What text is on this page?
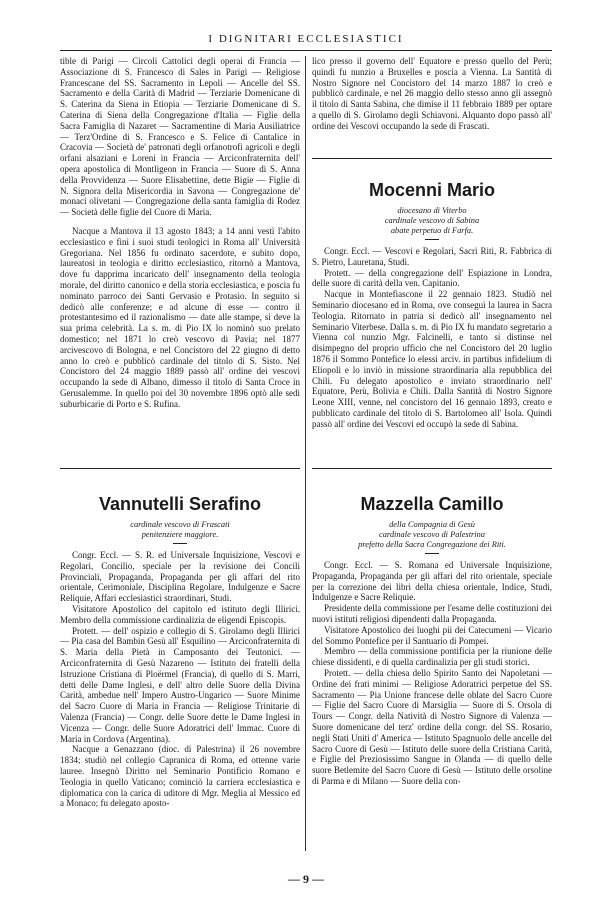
I DIGNITARI ECCLESIASTICI

tible di Parigi — Circoli Cattolici degli operai di Francia — Associazione di S. Francesco di Sales in Parigi — Religiose Francescane del SS. Sacramento in Lepoli — Ancelle del SS. Sacramento e della Carità di Madrid — Terziarie Domenicane di S. Caterina da Siena in Etiopia — Terziarie Domenicane di S. Caterina di Siena della Congregazione d'Italia — Figlie della Sacra Famiglia di Nazaret — Sacramentine di Maria Ausiliatrice — Terz'Ordine di S. Francesco e S. Felice di Cantalice in Cracovia — Società de' patronati degli orfanotrofi agricoli e degli orfani alsaziani e Loreni in Francia — Arciconfraternita dell' opera apostolica di Montligeon in Francia — Suore di S. Anna della Provvidenza — Suore Elisabettine, dette Bigie — Figlie di N. Signora della Misericordia in Savona — Congregazione de' monaci olivetani — Congregazione della santa famiglia di Rodez — Società delle figlie del Cuore di Maria.

Nacque a Mantova il 13 agosto 1843; a 14 anni vestì l'abito ecclesiastico e finì i suoi studi teologici in Roma all' Università Gregoriana. Nel 1856 fu ordinato sacerdote, e subito dopo, laureatosi in teologia e diritto ecclesiastico, ritornò a Mantova, dove fu dapprima incaricato dell' insegnamento della teologia morale, del diritto canonico e della storia ecclesiastica, e poscia fu nominato parroco dei Santi Gervasio e Protasio. In seguito si dedicò alle conferenze; e ad alcune di esse — contro il protestantesimo ed il razionalismo — date alle stampe, si deve la sua prima celebrità. La s. m. di Pio IX lo nominò suo prelato domestico; nel 1871 lo creò vescovo di Pavia; nel 1877 arcivescovo di Bologna, e nel Concistoro del 22 giugno di detto anno lo creò e pubblicò cardinale del titolo di S. Sisto. Nel Concistoro del 24 maggio 1889 passò all' ordine dei vescovi occupando la sede di Albano, dimesso il titolo di Santa Croce in Gerusalemme. In quello poi del 30 novembre 1896 optò alle sedi suburbicarie di Porto e S. Rufina.

lico presso il governo dell' Equatore e presso quello del Perù; quindi fu nunzio a Bruxelles e poscia a Vienna. La Santità di Nostro Signore nel Concistoro del 14 marzo 1887 lo creò e pubblicò cardinale, e nel 26 maggio dello stesso anno gli assegnò il titolo di Santa Sabina, che dimise il 11 febbraio 1889 per optare a quello di S. Girolamo degli Schiavoni. Alquanto dopo passò all' ordine dei Vescovi occupando la sede di Frascati.

Mocenni Mario

diocesano di Viterbo

cardinale vescovo di Sabina

abate perpetuo di Farfa.

Congr. Eccl. — Vescovi e Regolari, Sacri Riti, R. Fabbrica di S. Pietro, Lauretana, Studi.

Protett. — della congregazione dell' Espiazione in Londra, delle suore di carità della ven. Capitanio.

Nacque in Montefiascone il 22 gennaio 1823. Studiò nel Seminario diocesano ed in Roma, ove conseguì la laurea in Sacra Teologia. Ritornato in patria si dedicò all' insegnamento nel Seminario Viterbese. Dalla s. m. di Pio IX fu mandato segretario a Vienna col nunzio Mgr. Falcinelli, e tanto si distinse nel disimpegno del proprio ufficio che nel Concistoro del 20 luglio 1876 il Sommo Pontefice lo elessi arciv. in partibus infidelium di Eliopoli e lo inviò in missione straordinaria alla repubblica del Chili. Fu delegato apostolico e inviato straordinario nell' Equatore, Perù, Bolivia e Chili. Dalla Santità di Nostro Signore Leone XIII, venne, nel concistoro del 16 gennaio 1893, creato e pubblicato cardinale del titolo di S. Bartolomeo all' Isola. Quindi passò all' ordine dei Vescovi ed occupò la sede di Sabina.

Vannutelli Serafino

cardinale vescovo di Frascati

penitenziere maggiore.

Congr. Eccl. — S. R. ed Universale Inquisizione, Vescovi e Regolari, Concilio, speciale per la revisione dei Concili Provinciali, Propaganda, Propaganda per gli affari del rito orientale, Cerimoniale, Disciplina Regolare, Indulgenze e Sacre Reliquie, Affari ecclesiastici straordinari, Studi.

Visitatore Apostolico del capitolo ed istituto degli Illirici. Membro della commissione cardinalizia de eligendi Episcopis.

Protett. — dell' ospizio e collegio di S. Girolamo degli Illirici — Pia casa del Bambin Gesù all' Esquilino — Arciconfraternita di S. Maria della Pietà in Camposanto dei Teutonici. — Arciconfraternita di Gesù Nazareno — Istituto dei fratelli della Istruzione Cristiana di Ploërmel (Francia), di quello di S. Marri, detti delle Dame Inglesi, e dell' altro delle Suore della Divina Carità, ambedue nell' Impero Austro-Ungarico — Suore Minime del Sacro Cuore di Maria in Francia — Religiose Trinitarie di Valenza (Francia) — Congr. delle Suore dette le Dame Inglesi in Vicenza — Congr. delle Suore Adoratrici dell' Immac. Cuore di Maria in Cordova (Argentina).

Nacque a Genazzano (dioc. di Palestrina) il 26 novembre 1834; studiò nel collegio Capranica di Roma, ed ottenne varie lauree. Insegnò Diritto nel Seminario Pontificio Romano e Teologia in quello Vaticano; cominciò la carriera ecclesiastica e diplomatica con la carica di uditore di Mgr. Meglia al Messico ed a Monaco; fu delegato aposto-

Mazzella Camillo

della Compagnia di Gesù

cardinale vescovo di Palestrina

prefetto della Sacra Congregazione dei Riti.

Congr. Eccl. — S. Romana ed Universale Inquisizione, Propaganda, Propaganda per gli affari del rito orientale, speciale per la correzione dei libri della chiesa orientale, Indice, Studi, Indulgenze e Sacre Reliquie.

Presidente della commissione per l'esame delle costituzioni dei nuovi istituti religiosi dipendenti dalla Propaganda.

Visitatore Apostolico dei luoghi pii dei Catecumeni — Vicario del Sommo Pontefice per il Santuario di Pompei.

Membro — della commissione pontificia per la riunione delle chiese dissidenti, e di quella cardinalizia per gli studi storici.

Protett. — della chiesa dello Spirito Santo dei Napoletani — Ordine dei frati minimi — Religiose Adoratrici perpetue del SS. Sacramento — Pia Unione francese delle oblate del Sacro Cuore — Figlie del Sacro Cuore di Marsiglia — Suore di S. Orsola di Tours — Congr. della Natività di Nostro Signore di Valenza — Suore domenicane del terz' ordine della congr. del SS. Rosario, negli Stati Uniti d' America — Istituto Spagnuolo delle ancelle del Sacro Cuore di Gesù — Istituto delle suore della Cristiana Carità, e Figlie del Preziosissimo Sangue in Olanda — di quello delle suore Betlemite del Sacro Cuore di Gesù — Istituto delle orsoline di Parma e di Milano — Suore della con-

— 9 —
